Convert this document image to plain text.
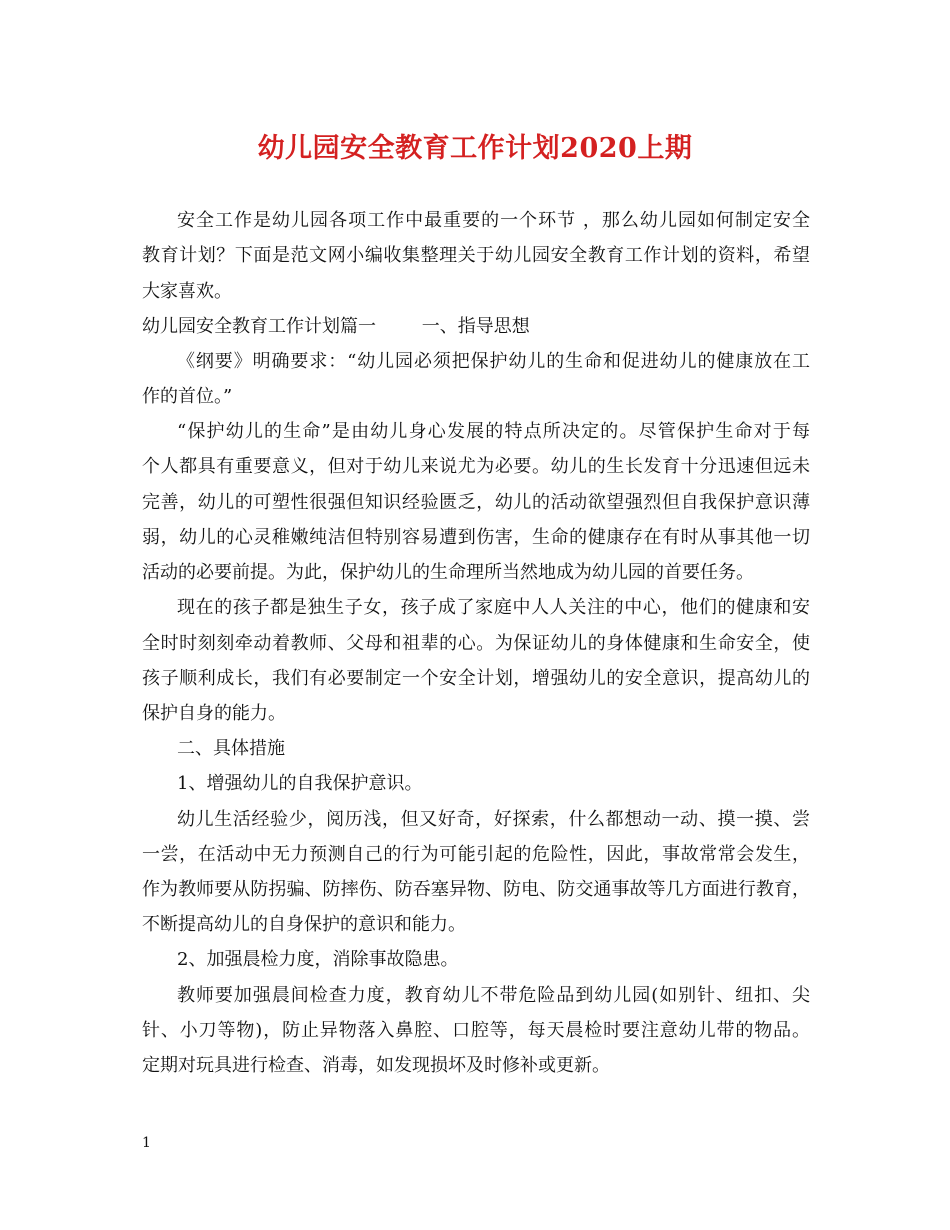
幼儿园安全教育工作计划2020上期
安全工作是幼儿园各项工作中最重要的一个环节 ，那么幼儿园如何制定安全
教育计划？下面是范文网小编收集整理关于幼儿园安全教育工作计划的资料，希望
大家喜欢。
幼儿园安全教育工作计划篇一        一、指导思想
《纲要》明确要求：“幼儿园必须把保护幼儿的生命和促进幼儿的健康放在工
作的首位。”
“保护幼儿的生命”是由幼儿身心发展的特点所决定的。尽管保护生命对于每
个人都具有重要意义，但对于幼儿来说尤为必要。幼儿的生长发育十分迅速但远未
完善，幼儿的可塑性很强但知识经验匮乏，幼儿的活动欲望强烈但自我保护意识薄
弱，幼儿的心灵稚嫩纯洁但特别容易遭到伤害，生命的健康存在有时从事其他一切
活动的必要前提。为此，保护幼儿的生命理所当然地成为幼儿园的首要任务。
现在的孩子都是独生子女，孩子成了家庭中人人关注的中心，他们的健康和安
全时时刻刻牵动着教师、父母和祖辈的心。为保证幼儿的身体健康和生命安全，使
孩子顺利成长，我们有必要制定一个安全计划，增强幼儿的安全意识，提高幼儿的
保护自身的能力。
二、具体措施
1、增强幼儿的自我保护意识。
幼儿生活经验少，阅历浅，但又好奇，好探索，什么都想动一动、摸一摸、尝
一尝，在活动中无力预测自己的行为可能引起的危险性，因此，事故常常会发生，
作为教师要从防拐骗、防摔伤、防吞塞异物、防电、防交通事故等几方面进行教育，
不断提高幼儿的自身保护的意识和能力。
2、加强晨检力度，消除事故隐患。
教师要加强晨间检查力度，教育幼儿不带危险品到幼儿园(如别针、纽扣、尖
针、小刀等物)，防止异物落入鼻腔、口腔等，每天晨检时要注意幼儿带的物品。
定期对玩具进行检查、消毒，如发现损坏及时修补或更新。
1
